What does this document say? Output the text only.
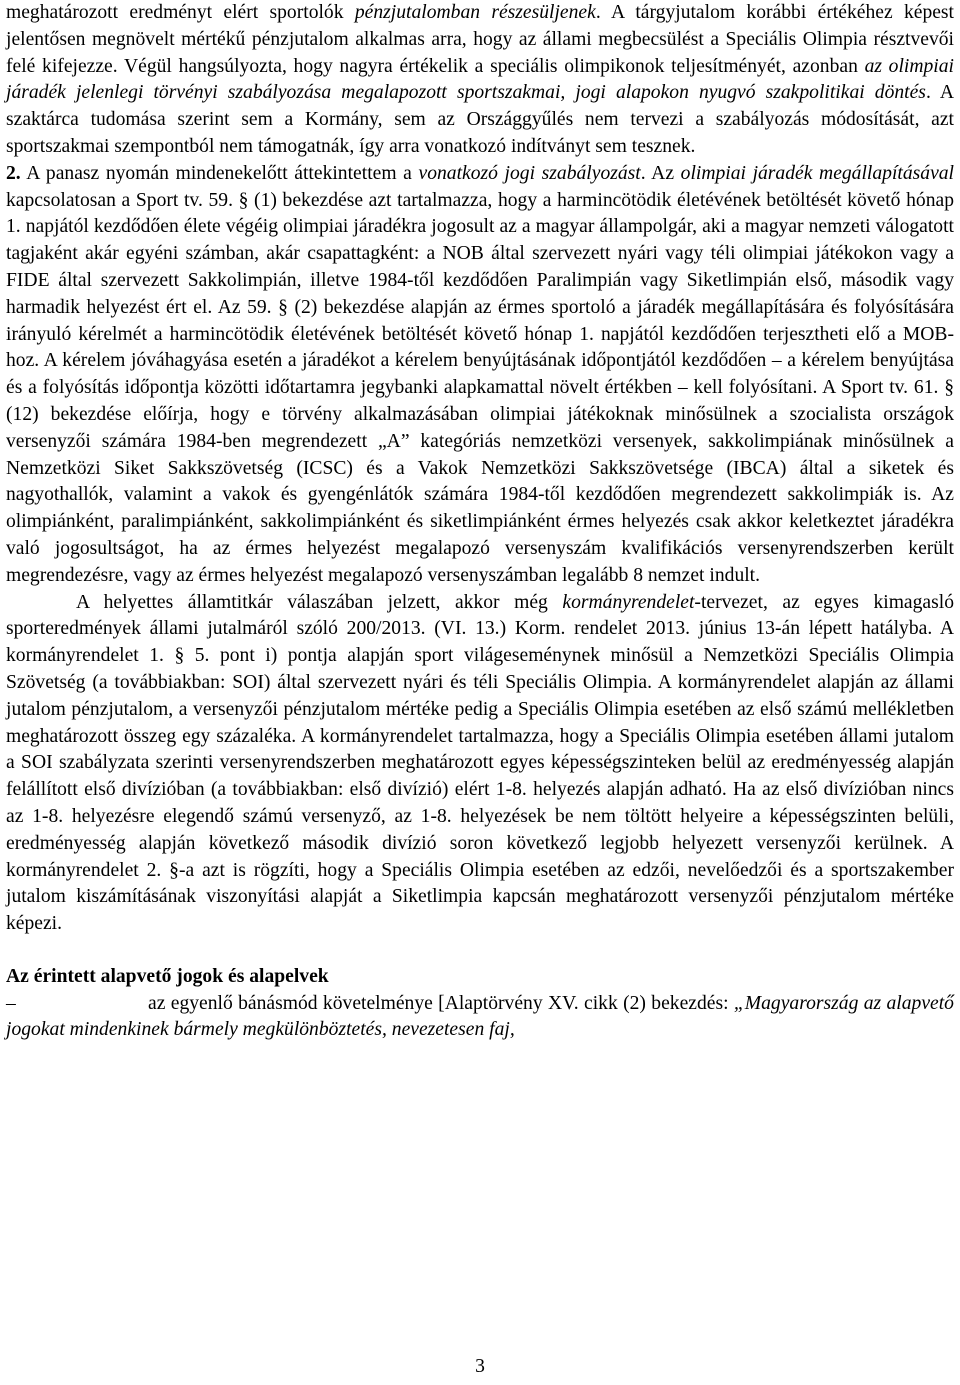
meghatározott eredményt elért sportolók pénzjutalomban részesüljenek. A tárgyjutalom korábbi értékéhez képest jelentősen megnövelt mértékű pénzjutalom alkalmas arra, hogy az állami megbecsülést a Speciális Olimpia résztvevői felé kifejezze. Végül hangsúlyozta, hogy nagyra értékelik a speciális olimpikonok teljesítményét, azonban az olimpiai járadék jelenlegi törvényi szabályozása megalapozott sportszakmai, jogi alapokon nyugvó szakpolitikai döntés. A szaktárca tudomása szerint sem a Kormány, sem az Országgyűlés nem tervezi a szabályozás módosítását, azt sportszakmai szempontból nem támogatnák, így arra vonatkozó indítványt sem tesznek.

2. A panasz nyomán mindenekelőtt áttekintettem a vonatkozó jogi szabályozást. Az olimpiai járadék megállapításával kapcsolatosan a Sport tv. 59. § (1) bekezdése azt tartalmazza, hogy a harmincötödik életévének betöltését követő hónap 1. napjától kezdődően élete végéig olimpiai járadékra jogosult az a magyar állampolgár, aki a magyar nemzeti válogatott tagjaként akár egyéni számban, akár csapattagként: a NOB által szervezett nyári vagy téli olimpiai játékokon vagy a FIDE által szervezett Sakkolimpián, illetve 1984-től kezdődően Paralimpián vagy Siketlimpián első, második vagy harmadik helyezést ért el. Az 59. § (2) bekezdése alapján az érmes sportoló a járadék megállapítására és folyósítására irányuló kérelmét a harmincötödik életévének betöltését követő hónap 1. napjától kezdődően terjesztheti elő a MOB-hoz. A kérelem jóváhagyása esetén a járadékot a kérelem benyújtásának időpontjától kezdődően – a kérelem benyújtása és a folyósítás időpontja közötti időtartamra jegybanki alapkamattal növelt értékben – kell folyósítani. A Sport tv. 61. § (12) bekezdése előírja, hogy e törvény alkalmazásában olimpiai játékoknak minősülnek a szocialista országok versenyzői számára 1984-ben megrendezett „A” kategóriás nemzetközi versenyek, sakkolimpiának minősülnek a Nemzetközi Siket Sakkszövetség (ICSC) és a Vakok Nemzetközi Sakkszövetsége (IBCA) által a siketek és nagyothallók, valamint a vakok és gyengénlátók számára 1984-től kezdődően megrendezett sakkolimpiák is. Az olimpiánként, paralimpiánként, sakkolimpiánként és siketlimpiánként érmes helyezés csak akkor keletkeztet járadékra való jogosultságot, ha az érmes helyezést megalapozó versenyszám kvalifikációs versenyrendszerben került megrendezésre, vagy az érmes helyezést megalapozó versenyszámban legalább 8 nemzet indult.

A helyettes államtitkár válaszában jelzett, akkor még kormányrendelet-tervezet, az egyes kimagasló sporteredmények állami jutalmáról szóló 200/2013. (VI. 13.) Korm. rendelet 2013. június 13-án lépett hatályba. A kormányrendelet 1. § 5. pont i) pontja alapján sport világeseménynek minősül a Nemzetközi Speciális Olimpia Szövetség (a továbbiakban: SOI) által szervezett nyári és téli Speciális Olimpia. A kormányrendelet alapján az állami jutalom pénzjutalom, a versenyzői pénzjutalom mértéke pedig a Speciális Olimpia esetében az első számú mellékletben meghatározott összeg egy százaléka. A kormányrendelet tartalmazza, hogy a Speciális Olimpia esetében állami jutalom a SOI szabályzata szerinti versenyrendszerben meghatározott egyes képességszinteken belül az eredményesség alapján felállított első divízióban (a továbbiakban: első divízió) elért 1-8. helyezés alapján adható. Ha az első divízióban nincs az 1-8. helyezésre elegendő számú versenyző, az 1-8. helyezések be nem töltött helyeire a képességszinten belüli, eredményesség alapján következő második divízió soron következő legjobb helyezett versenyzői kerülnek. A kormányrendelet 2. §-a azt is rögzíti, hogy a Speciális Olimpia esetében az edzői, nevelőedzői és a sportszakember jutalom kiszámításának viszonyítási alapját a Siketlimpia kapcsán meghatározott versenyzői pénzjutalom mértéke képezi.

Az érintett alapvető jogok és alapelvek

–	az egyenlő bánásmód követelménye [Alaptörvény XV. cikk (2) bekezdés: „Magyarország az alapvető jogokat mindenkinek bármely megkülönböztetés, nevezetesen faj,

3
